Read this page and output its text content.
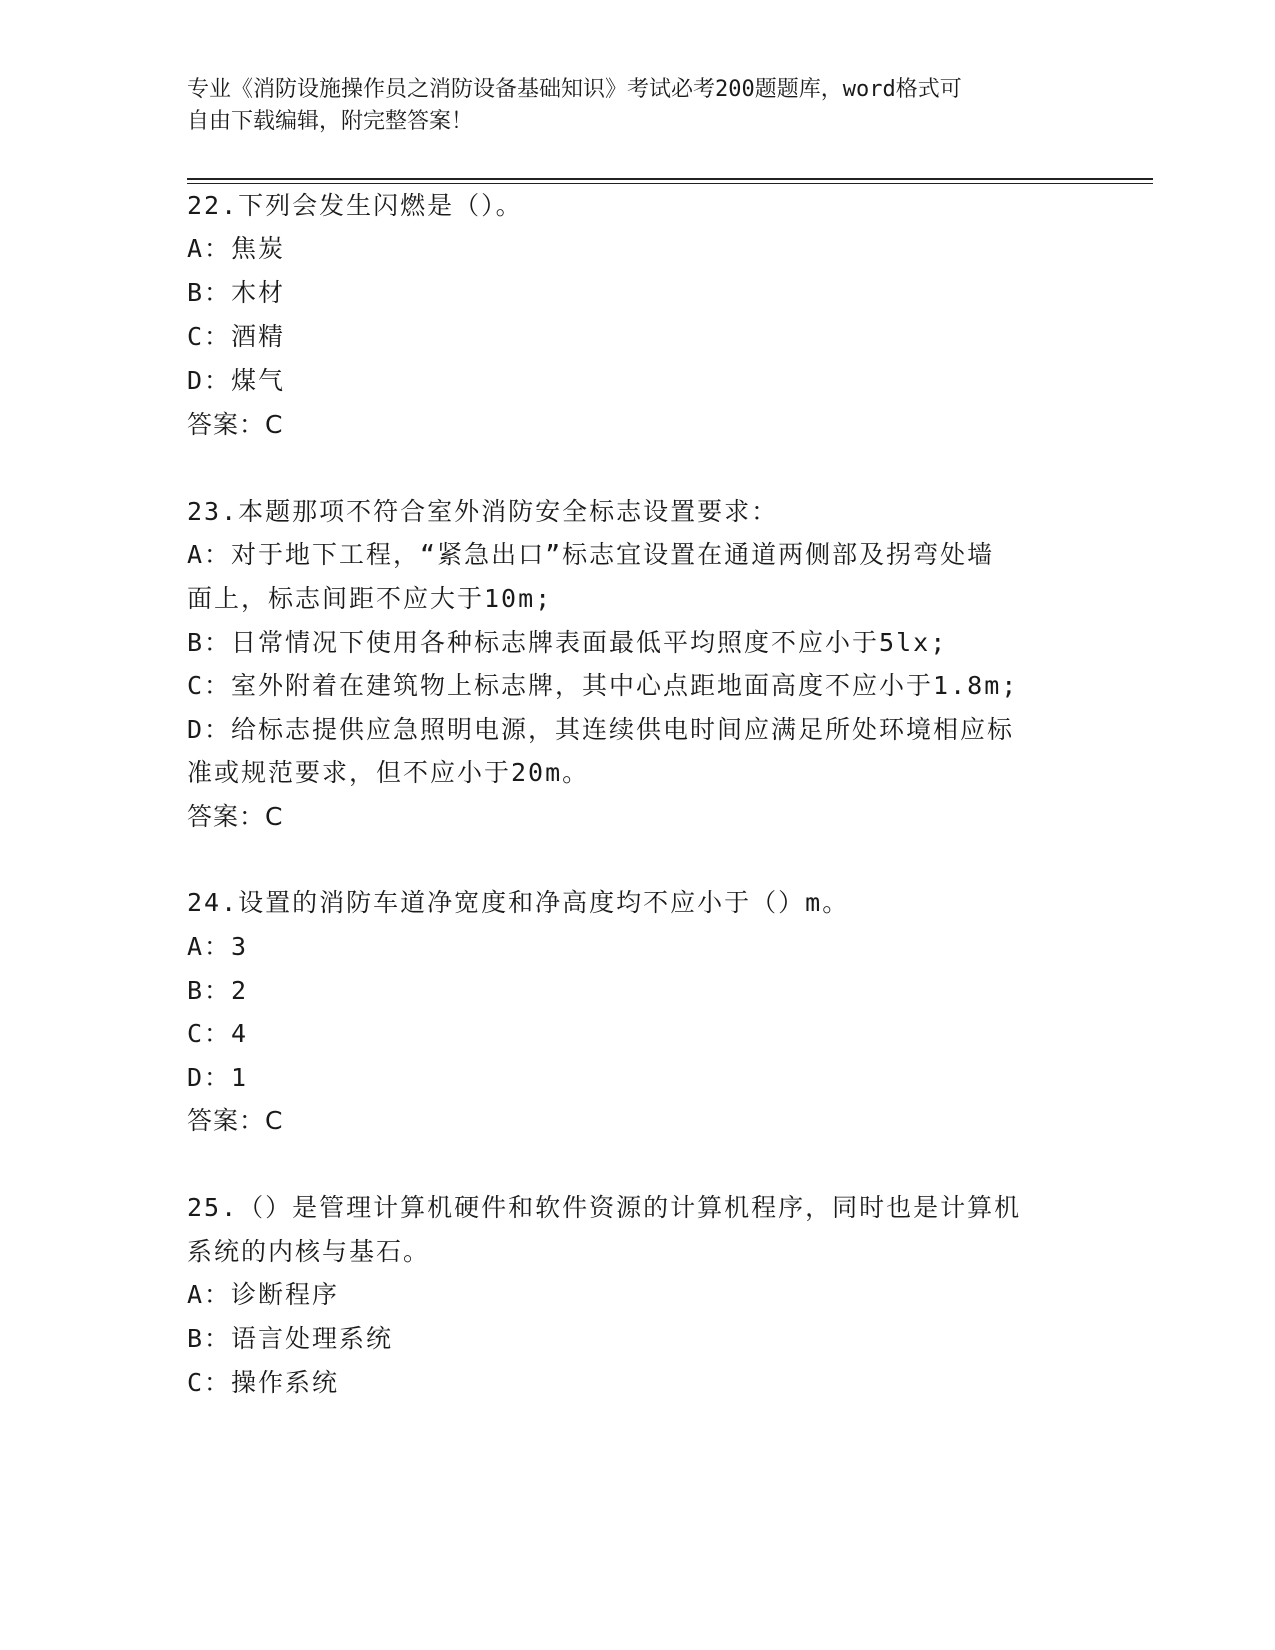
专业《消防设施操作员之消防设备基础知识》考试必考200题题库，word格式可
自由下载编辑，附完整答案！

22.下列会发生闪燃是（）。

A：焦炭

B：木材

C：酒精

D：煤气

答案：C

23.本题那项不符合室外消防安全标志设置要求：

A：对于地下工程，“紧急出口”标志宜设置在通道两侧部及拐弯处墙

面上，标志间距不应大于10m;

B：日常情况下使用各种标志牌表面最低平均照度不应小于5lx;

C：室外附着在建筑物上标志牌，其中心点距地面高度不应小于1.8m;

D：给标志提供应急照明电源，其连续供电时间应满足所处环境相应标

准或规范要求，但不应小于20m。

答案：C

24.设置的消防车道净宽度和净高度均不应小于（）m。

A：3

B：2

C：4

D：1

答案：C

25.（）是管理计算机硬件和软件资源的计算机程序，同时也是计算机

系统的内核与基石。

A：诊断程序

B：语言处理系统

C：操作系统
